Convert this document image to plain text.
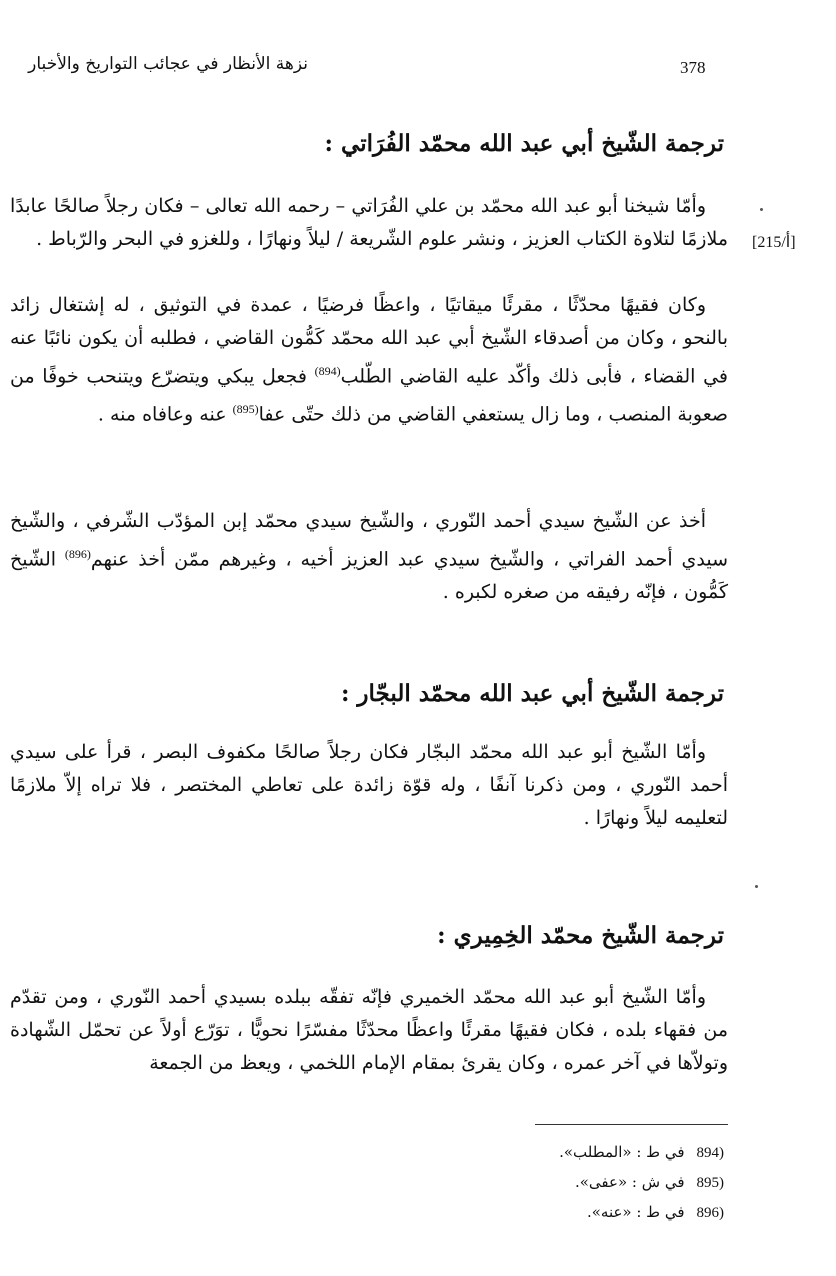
378
نزهة الأنظار في عجائب التواريخ والأخبار
ترجمة الشّيخ أبي عبد الله محمّد الفُرَاتي :
[215/أ]
وأمّا شيخنا أبو عبد الله محمّد بن علي الفُرَاتي – رحمه الله تعالى – فكان رجلاً صالحًا عابدًا ملازمًا لتلاوة الكتاب العزيز ، ونشر علوم الشّريعة / ليلاً ونهارًا ، وللغزو في البحر والرّباط .
وكان فقيهًا محدّثًا ، مقرئًا ميقاتيًا ، واعظًا فرضيًا ، عمدة في التوثيق ، له إشتغال زائد بالنحو ، وكان من أصدقاء الشّيخ أبي عبد الله محمّد كَمُّون القاضي ، فطلبه أن يكون نائبًا عنه في القضاء ، فأبى ذلك وأكّد عليه القاضي الطّلب$^{(894)}$ فجعل يبكي ويتضرّع ويتنحب خوفًا من صعوبة المنصب ، وما زال يستعفي القاضي من ذلك حتّى عفا$^{(895)}$ عنه وعافاه منه .
أخذ عن الشّيخ سيدي أحمد النّوري ، والشّيخ سيدي محمّد إبن المؤدّب الشّرفي ، والشّيخ سيدي أحمد الفراتي ، والشّيخ سيدي عبد العزيز أخيه ، وغيرهم ممّن أخذ عنهم$^{(896)}$ الشّيخ كَمُّون ، فإنّه رفيقه من صغره لكبره .
ترجمة الشّيخ أبي عبد الله محمّد البجّار :
وأمّا الشّيخ أبو عبد الله محمّد البجّار فكان رجلاً صالحًا مكفوف البصر ، قرأ على سيدي أحمد النّوري ، ومن ذكرنا آنفًا ، وله قوّة زائدة على تعاطي المختصر ، فلا تراه إلاّ ملازمًا لتعليمه ليلاً ونهارًا .
ترجمة الشّيخ محمّد الخِمِيري :
وأمّا الشّيخ أبو عبد الله محمّد الخميري فإنّه تفقّه ببلده بسيدي أحمد النّوري ، ومن تقدّم من فقهاء بلده ، فكان فقيهًا مقرئًا واعظًا محدّثًا مفسّرًا نحويًّا ، توَرّع أولاً عن تحمّل الشّهادة وتولاّها في آخر عمره ، وكان يقرئ بمقام الإمام اللخمي ، ويعظ من الجمعة
(894في ط : «المطلب».
(895في ش : «عفى».
(896في ط : «عنه».
